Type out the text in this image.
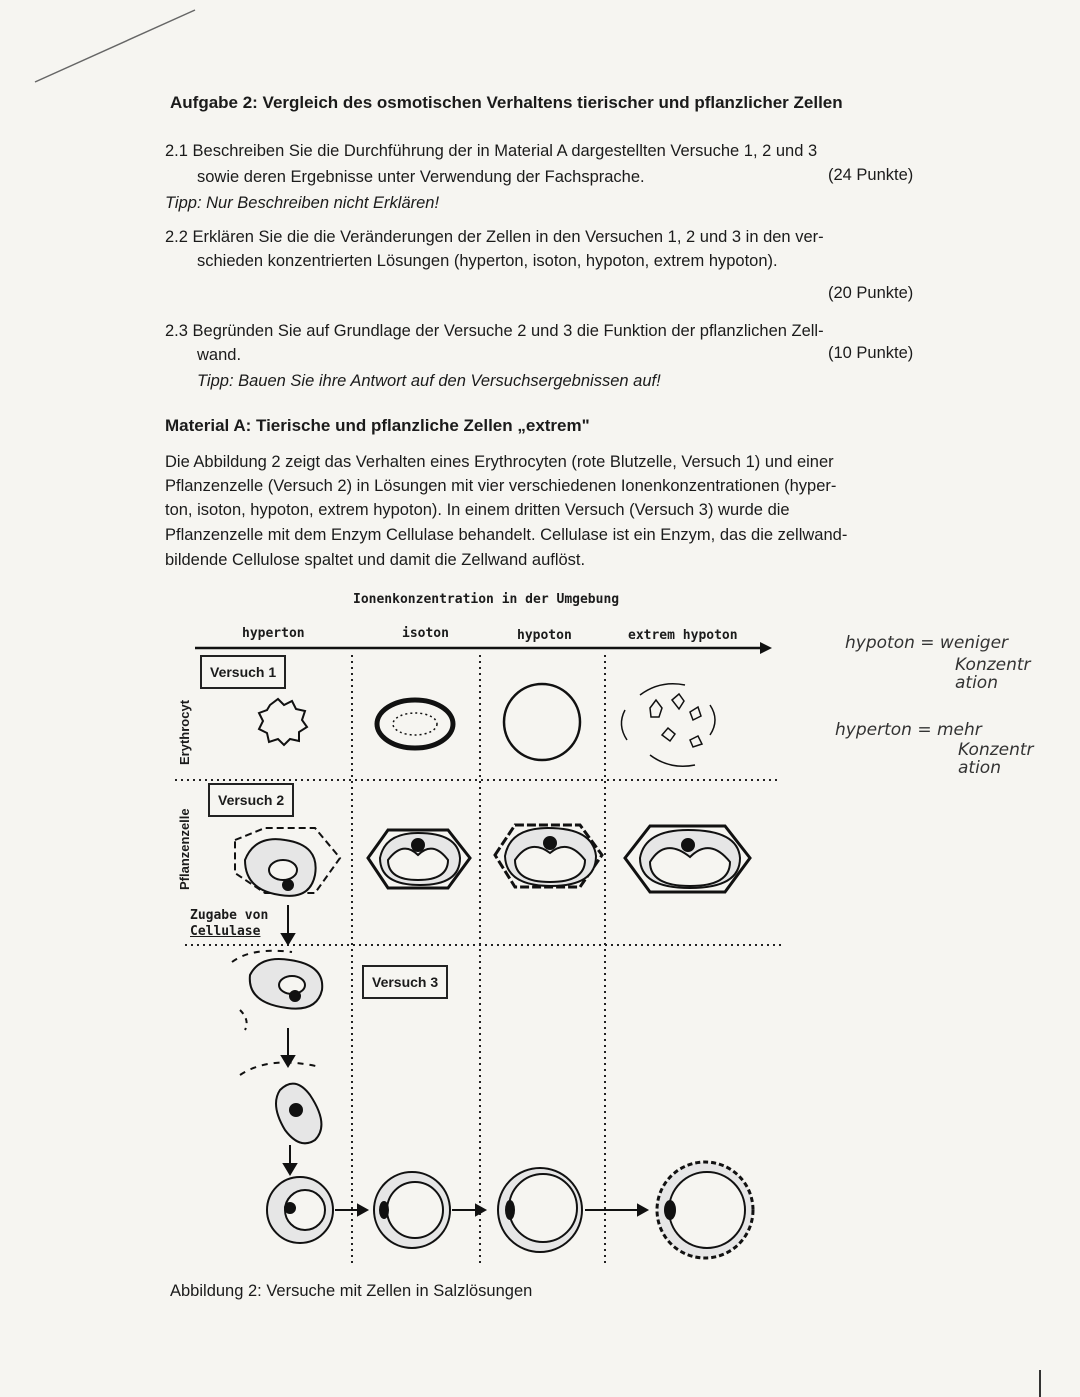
Aufgabe 2: Vergleich des osmotischen Verhaltens tierischer und pflanzlicher Zellen
2.1 Beschreiben Sie die Durchführung der in Material A dargestellten Versuche 1, 2 und 3
sowie deren Ergebnisse unter Verwendung der Fachsprache.	(24 Punkte)
Tipp: Nur Beschreiben nicht Erklären!
2.2 Erklären Sie die die Veränderungen der Zellen in den Versuchen 1, 2 und 3 in den ver-
schieden konzentrierten Lösungen (hyperton, isoton, hypoton, extrem hypoton).
(20 Punkte)
2.3 Begründen Sie auf Grundlage der Versuche 2 und 3 die Funktion der pflanzlichen Zell-
wand.	(10 Punkte)
Tipp: Bauen Sie ihre Antwort auf den Versuchsergebnissen auf!
Material A: Tierische und pflanzliche Zellen „extrem"
Die Abbildung 2 zeigt das Verhalten eines Erythrocyten (rote Blutzelle, Versuch 1) und einer
Pflanzenzelle (Versuch 2) in Lösungen mit vier verschiedenen Ionenkonzentrationen (hyper-
ton, isoton, hypoton, extrem hypoton). In einem dritten Versuch (Versuch 3) wurde die
Pflanzenzelle mit dem Enzym Cellulase behandelt. Cellulase ist ein Enzym, das die zellwand-
bildende Cellulose spaltet und damit die Zellwand auflöst.
Ionenkonzentration in der Umgebung
hyperton	isoton	hypoton	extrem hypoton
Versuch 1
Versuch 2
Versuch 3
Erythrocyt
Pflanzenzelle
Zugabe von
Cellulase
Abbildung 2: Versuche mit Zellen in Salzlösungen
hypoton = weniger
Konzentr
ation
hyperton = mehr
Konzentr
ation
